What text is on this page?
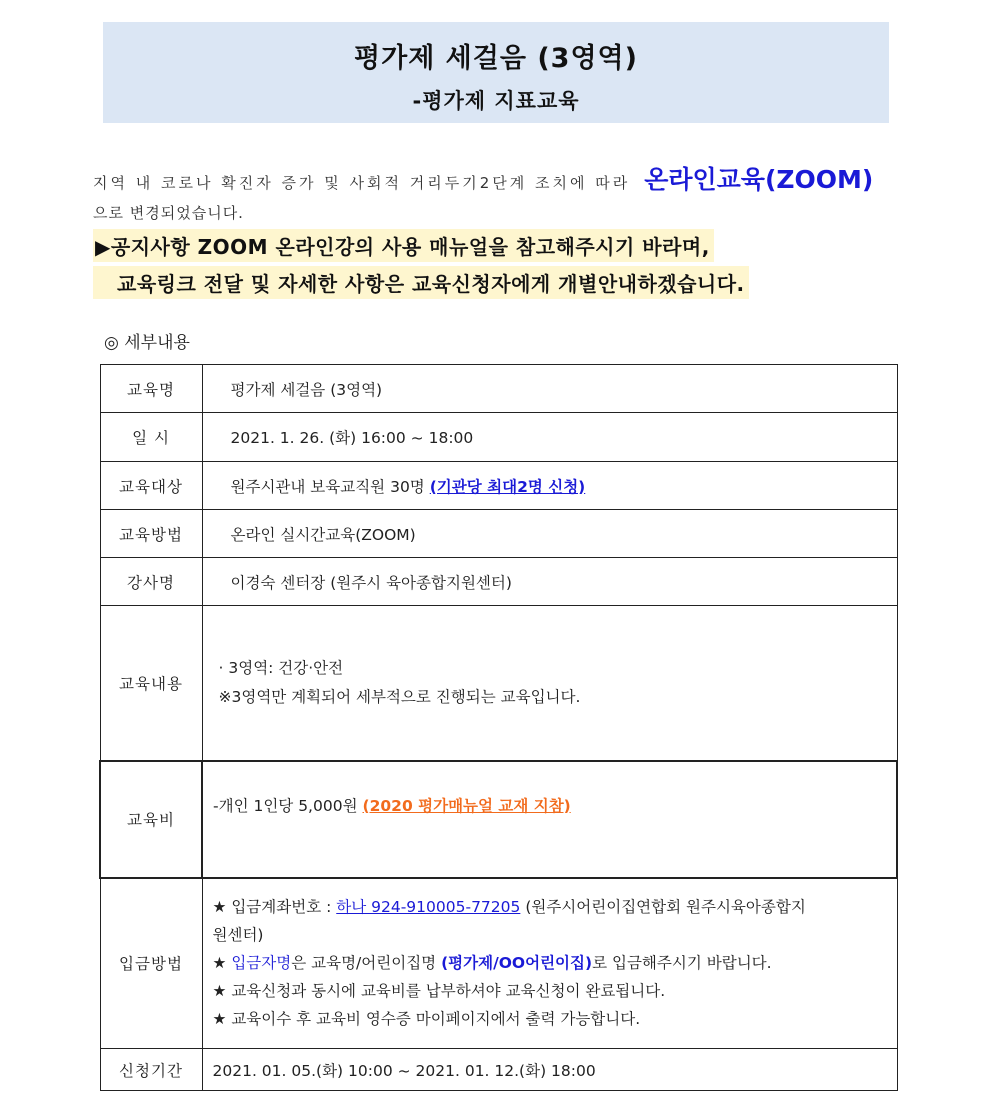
평가제 세걸음 (3영역)
-평가제 지표교육
지역 내 코로나 확진자 증가 및 사회적 거리두기2단계 조치에 따라 온라인교육(ZOOM)
으로 변경되었습니다.
▶공지사항 ZOOM 온라인강의 사용 매뉴얼을 참고해주시기 바라며,
교육링크 전달 및 자세한 사항은 교육신청자에게 개별안내하겠습니다.
◎ 세부내용
교육명	평가제 세걸음 (3영역)
일 시	2021. 1. 26. (화) 16:00 ~ 18:00
교육대상	원주시관내 보육교직원 30명 (기관당 최대2명 신청)
교육방법	온라인 실시간교육(ZOOM)
강사명	이경숙 센터장 (원주시 육아종합지원센터)
교육내용	· 3영역: 건강·안전
※3영역만 계획되어 세부적으로 진행되는 교육입니다.

교육비	-개인 1인당 5,000원 (2020 평가매뉴얼 교재 지참)
입금방법	★ 입금계좌번호 : 하나 924-910005-77205 (원주시어린이집연합회 원주시육아종합지
원센터)
★ 입금자명은 교육명/어린이집명 (평가제/OO어린이집)로 입금해주시기 바랍니다.
★ 교육신청과 동시에 교육비를 납부하셔야 교육신청이 완료됩니다.
★ 교육이수 후 교육비 영수증 마이페이지에서 출력 가능합니다.

신청기간	2021. 01. 05.(화) 10:00 ~ 2021. 01. 12.(화) 18:00
